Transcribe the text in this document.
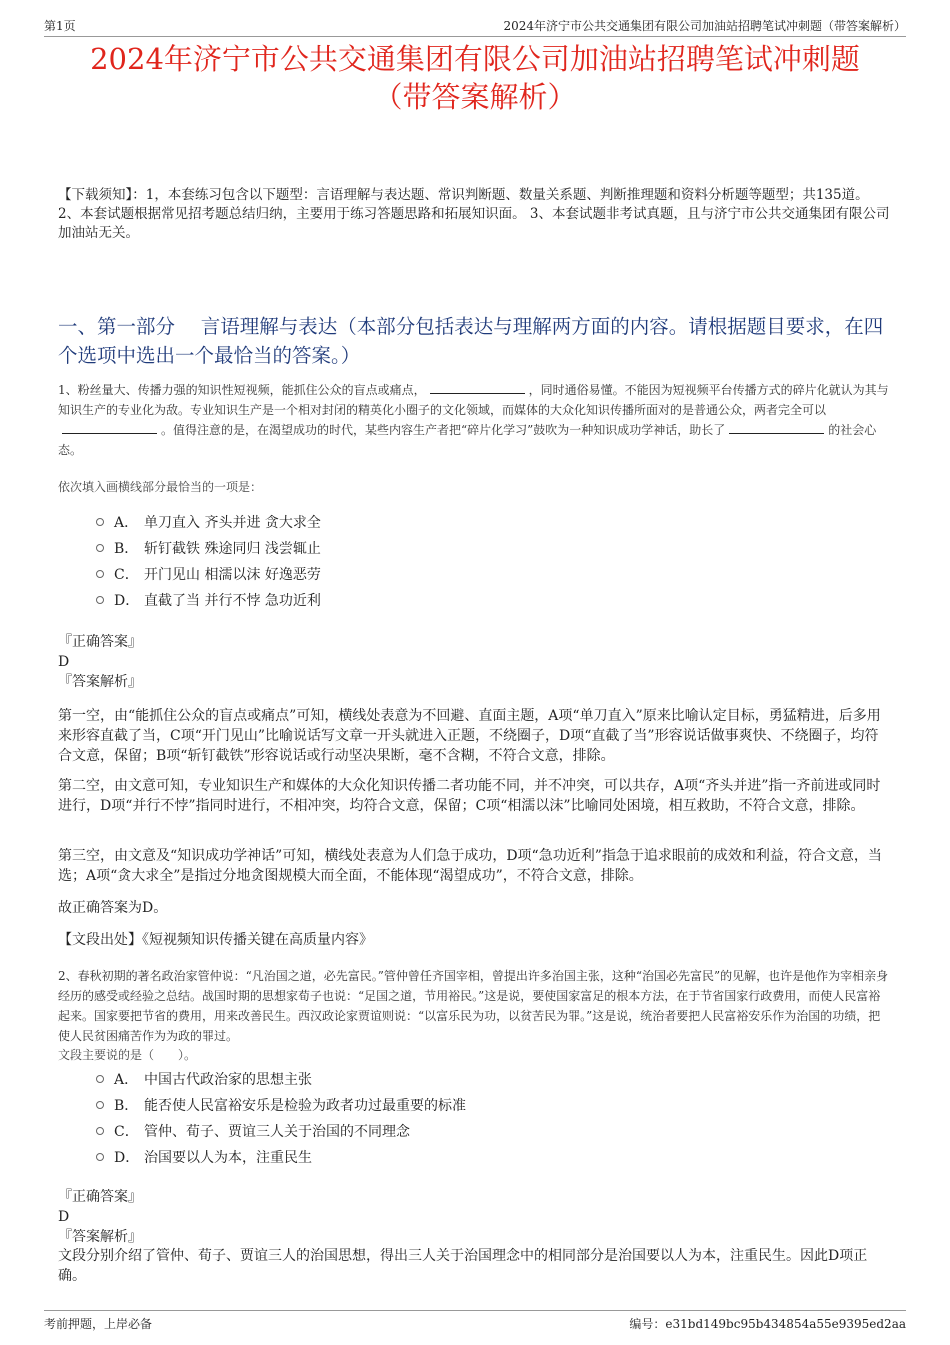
第1页	2024年济宁市公共交通集团有限公司加油站招聘笔试冲刺题（带答案解析）
2024年济宁市公共交通集团有限公司加油站招聘笔试冲刺题
（带答案解析）
【下载须知】：1，本套练习包含以下题型：言语理解与表达题、常识判断题、数量关系题、判断推理题和资料分析题等题型；共135道。 2、本套试题根据常见招考题总结归纳，主要用于练习答题思路和拓展知识面。 3、本套试题非考试真题，且与济宁市公共交通集团有限公司加油站无关。
一、第一部分　 言语理解与表达（本部分包括表达与理解两方面的内容。请根据题目要求，在四个选项中选出一个最恰当的答案。）
1、粉丝量大、传播力强的知识性短视频，能抓住公众的盲点或痛点，	，同时通俗易懂。不能因为短视频平台传播方式的碎片化就认为其与知识生产的专业化为敌。专业知识生产是一个相对封闭的精英化小圈子的文化领域，而媒体的大众化知识传播所面对的是普通公众，两者完全可以。值得注意的是，在渴望成功的时代，某些内容生产者把“碎片化学习”鼓吹为一种知识成功学神话，助长了	的社会心态。
依次填入画横线部分最恰当的一项是：
A． 单刀直入 齐头并进 贪大求全
B． 斩钉截铁 殊途同归 浅尝辄止
C． 开门见山 相濡以沫 好逸恶劳
D． 直截了当 并行不悖 急功近利
『正确答案』
D
『答案解析』
第一空，由“能抓住公众的盲点或痛点”可知，横线处表意为不回避、直面主题，A项“单刀直入”原来比喻认定目标，勇猛精进，后多用来形容直截了当，C项“开门见山”比喻说话写文章一开头就进入正题，不绕圈子，D项“直截了当”形容说话做事爽快、不绕圈子，均符合文意，保留；B项“斩钉截铁”形容说话或行动坚决果断，毫不含糊，不符合文意，排除。
第二空，由文意可知，专业知识生产和媒体的大众化知识传播二者功能不同，并不冲突，可以共存，A项“齐头并进”指一齐前进或同时进行，D项“并行不悖”指同时进行，不相冲突，均符合文意，保留；C项“相濡以沫”比喻同处困境，相互救助，不符合文意，排除。
第三空，由文意及“知识成功学神话”可知，横线处表意为人们急于成功，D项“急功近利”指急于追求眼前的成效和利益，符合文意，当选；A项“贪大求全”是指过分地贪图规模大而全面，不能体现“渴望成功”，不符合文意，排除。
故正确答案为D。
【文段出处】《短视频知识传播关键在高质量内容》
2、春秋初期的著名政治家管仲说：“凡治国之道，必先富民。”管仲曾任齐国宰相，曾提出许多治国主张，这种“治国必先富民”的见解，也许是他作为宰相亲身经历的感受或经验之总结。战国时期的思想家荀子也说：“足国之道，节用裕民。”这是说，要使国家富足的根本方法，在于节省国家行政费用，而使人民富裕起来。国家要把节省的费用，用来改善民生。西汉政论家贾谊则说：“以富乐民为功，以贫苦民为罪。”这是说，统治者要把人民富裕安乐作为治国的功绩，把使人民贫困痛苦作为为政的罪过。
文段主要说的是（　　）。
A． 中国古代政治家的思想主张
B． 能否使人民富裕安乐是检验为政者功过最重要的标准
C． 管仲、荀子、贾谊三人关于治国的不同理念
D． 治国要以人为本，注重民生
『正确答案』
D
『答案解析』
文段分别介绍了管仲、荀子、贾谊三人的治国思想，得出三人关于治国理念中的相同部分是治国要以人为本，注重民生。因此D项正确。
考前押题，上岸必备	编号：e31bd149bc95b434854a55e9395ed2aa
